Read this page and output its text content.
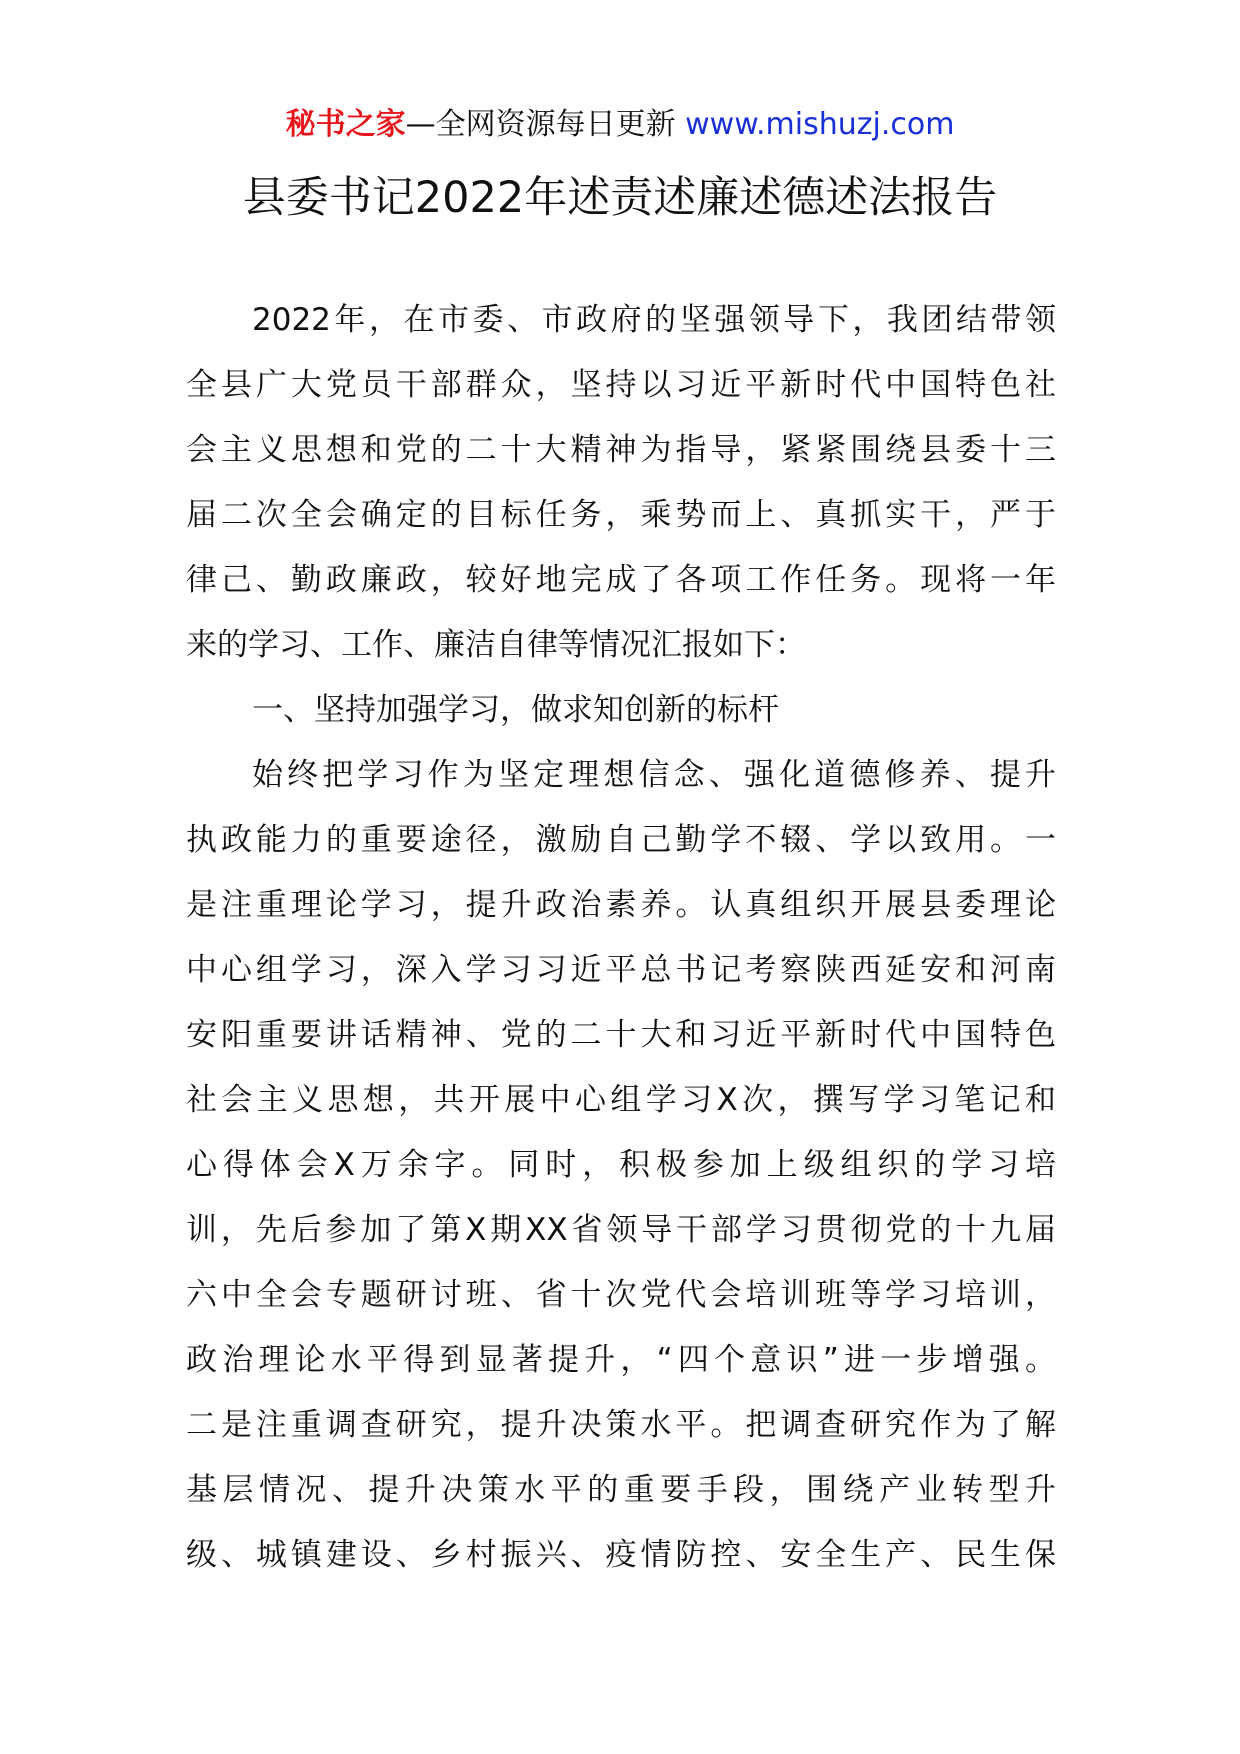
秘书之家—全网资源每日更新 www.mishuzj.com
县委书记2022年述责述廉述德述法报告
2022年，在市委、市政府的坚强领导下，我团结带领
全县广大党员干部群众，坚持以习近平新时代中国特色社
会主义思想和党的二十大精神为指导，紧紧围绕县委十三
届二次全会确定的目标任务，乘势而上、真抓实干，严于
律己、勤政廉政，较好地完成了各项工作任务。现将一年
来的学习、工作、廉洁自律等情况汇报如下：
一、坚持加强学习，做求知创新的标杆
始终把学习作为坚定理想信念、强化道德修养、提升
执政能力的重要途径，激励自己勤学不辍、学以致用。一
是注重理论学习，提升政治素养。认真组织开展县委理论
中心组学习，深入学习习近平总书记考察陕西延安和河南
安阳重要讲话精神、党的二十大和习近平新时代中国特色
社会主义思想，共开展中心组学习X次，撰写学习笔记和
心得体会X万余字。同时，积极参加上级组织的学习培
训，先后参加了第X期XX省领导干部学习贯彻党的十九届
六中全会专题研讨班、省十次党代会培训班等学习培训，
政治理论水平得到显著提升，“四个意识”进一步增强。
二是注重调查研究，提升决策水平。把调查研究作为了解
基层情况、提升决策水平的重要手段，围绕产业转型升
级、城镇建设、乡村振兴、疫情防控、安全生产、民生保
